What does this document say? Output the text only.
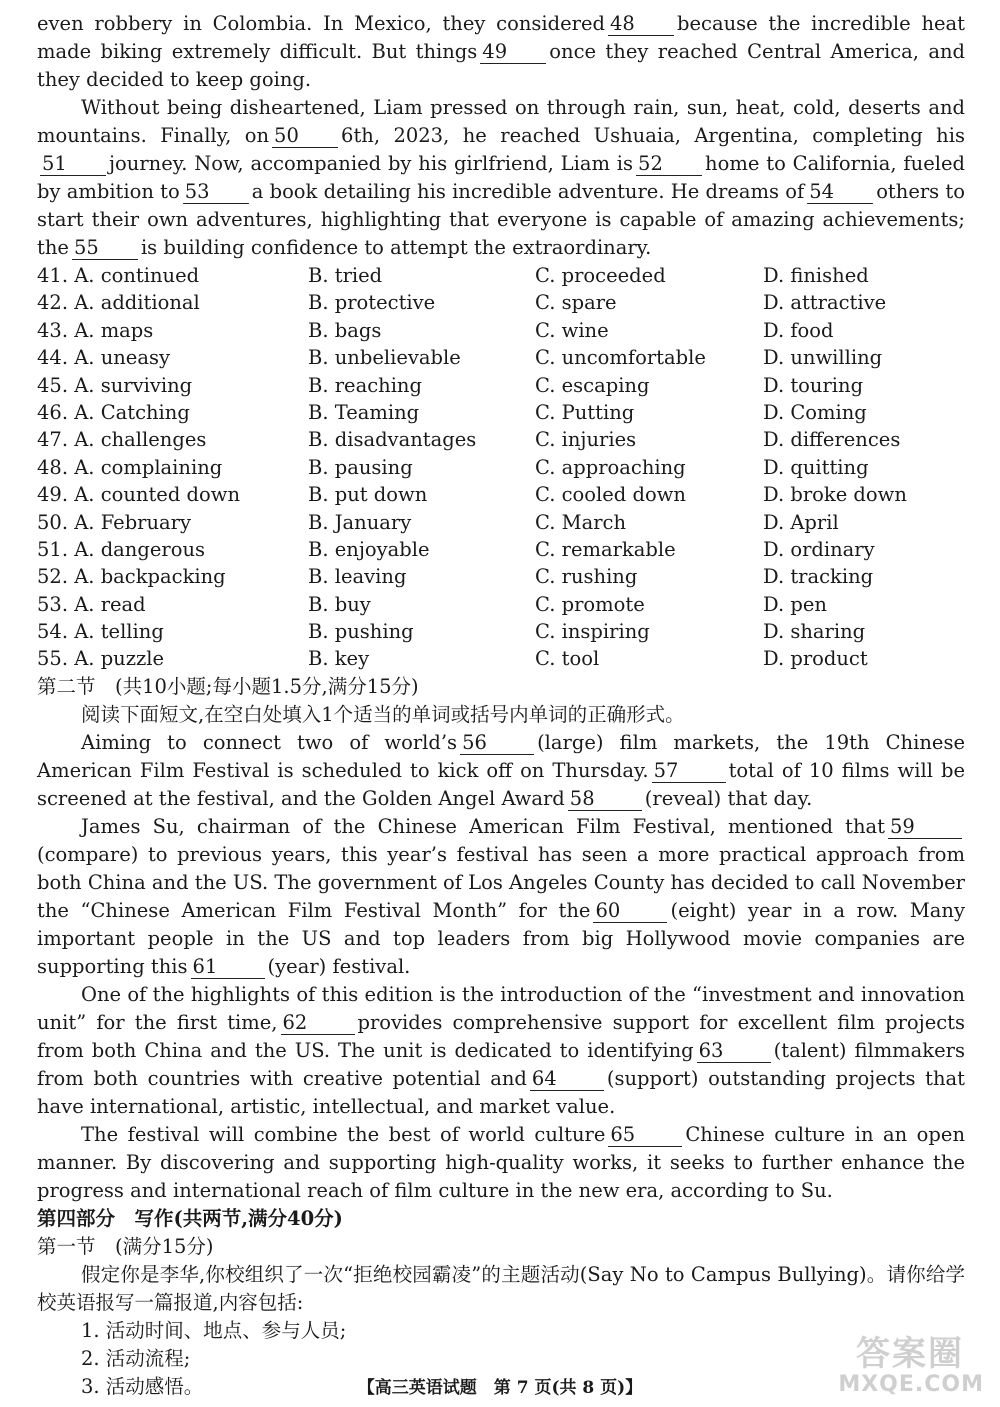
even robbery in Colombia. In Mexico, they considered 48 because the incredible heat made biking extremely difficult. But things 49 once they reached Central America, and they decided to keep going.

Without being disheartened, Liam pressed on through rain, sun, heat, cold, deserts and mountains. Finally, on 50 6th, 2023, he reached Ushuaia, Argentina, completing his51 journey. Now, accompanied by his girlfriend, Liam is 52 home to California, fueled by ambition to 53 a book detailing his incredible adventure. He dreams of 54 others to start their own adventures, highlighting that everyone is capable of amazing achievements; the 55 is building confidence to attempt the extraordinary.

41. A. continued	B. tried	C. proceeded	D. finished
42. A. additional	B. protective	C. spare	D. attractive
43. A. maps	B. bags	C. wine	D. food
44. A. uneasy	B. unbelievable	C. uncomfortable	D. unwilling
45. A. surviving	B. reaching	C. escaping	D. touring
46. A. Catching	B. Teaming	C. Putting	D. Coming
47. A. challenges	B. disadvantages	C. injuries	D. differences
48. A. complaining	B. pausing	C. approaching	D. quitting
49. A. counted down	B. put down	C. cooled down	D. broke down
50. A. February	B. January	C. March	D. April
51. A. dangerous	B. enjoyable	C. remarkable	D. ordinary
52. A. backpacking	B. leaving	C. rushing	D. tracking
53. A. read	B. buy	C. promote	D. pen
54. A. telling	B. pushing	C. inspiring	D. sharing
55. A. puzzle	B. key	C. tool	D. product

第二节　(共10小题;每小题1.5分,满分15分)

阅读下面短文,在空白处填入1个适当的单词或括号内单词的正确形式。

Aiming to connect two of world’s 56	(large) film markets, the 19th Chinese American Film Festival is scheduled to kick off on Thursday. 57	total of 10 films will be screened at the festival, and the Golden Angel Award 58	(reveal) that day.

James Su, chairman of the Chinese American Film Festival, mentioned that 59(compare) to previous years, this year’s festival has seen a more practical approach from both China and the US. The government of Los Angeles County has decided to call November the “Chinese American Film Festival Month” for the 60	(eight) year in a row. Many important people in the US and top leaders from big Hollywood movie companies are supporting this 61	(year) festival.

One of the highlights of this edition is the introduction of the “investment and innovation unit” for the first time, 62	provides comprehensive support for excellent film projects from both China and the US. The unit is dedicated to identifying 63	(talent) filmmakers from both countries with creative potential and 64	(support) outstanding projects that have international, artistic, intellectual, and market value.

The festival will combine the best of world culture 65	Chinese culture in an open manner. By discovering and supporting high-quality works, it seeks to further enhance the progress and international reach of film culture in the new era, according to Su.

第四部分　写作(共两节,满分40分)

第一节　(满分15分)

假定你是李华,你校组织了一次“拒绝校园霸凌”的主题活动(Say No to Campus Bullying)。请你给学校英语报写一篇报道,内容包括:

1. 活动时间、地点、参与人员;

2. 活动流程;

3. 活动感悟。	【高三英语试题　第 7 页(共 8 页)】
答案圈
MXQE.COM
